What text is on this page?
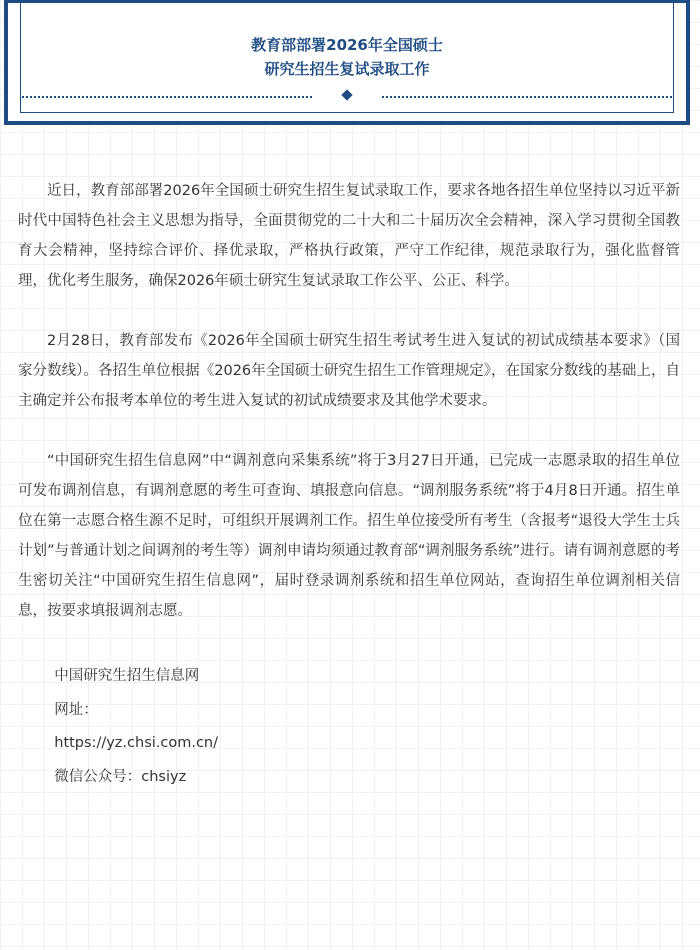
教育部部署2026年全国硕士
研究生招生复试录取工作

近日，教育部部署2026年全国硕士研究生招生复试录取工作，要求各地各招生单位坚持以习近平新时代中国特色社会主义思想为指导，全面贯彻党的二十大和二十届历次全会精神，深入学习贯彻全国教育大会精神，坚持综合评价、择优录取，严格执行政策，严守工作纪律，规范录取行为，强化监督管理，优化考生服务，确保2026年硕士研究生复试录取工作公平、公正、科学。

2月28日，教育部发布《2026年全国硕士研究生招生考试考生进入复试的初试成绩基本要求》（国家分数线）。各招生单位根据《2026年全国硕士研究生招生工作管理规定》，在国家分数线的基础上，自主确定并公布报考本单位的考生进入复试的初试成绩要求及其他学术要求。

“中国研究生招生信息网”中“调剂意向采集系统”将于3月27日开通，已完成一志愿录取的招生单位可发布调剂信息，有调剂意愿的考生可查询、填报意向信息。“调剂服务系统”将于4月8日开通。招生单位在第一志愿合格生源不足时，可组织开展调剂工作。招生单位接受所有考生（含报考“退役大学生士兵计划”与普通计划之间调剂的考生等）调剂申请均须通过教育部“调剂服务系统”进行。请有调剂意愿的考生密切关注“中国研究生招生信息网”，届时登录调剂系统和招生单位网站，查询招生单位调剂相关信息，按要求填报调剂志愿。

中国研究生招生信息网
网址：
https://yz.chsi.com.cn/
微信公众号：chsiyz
